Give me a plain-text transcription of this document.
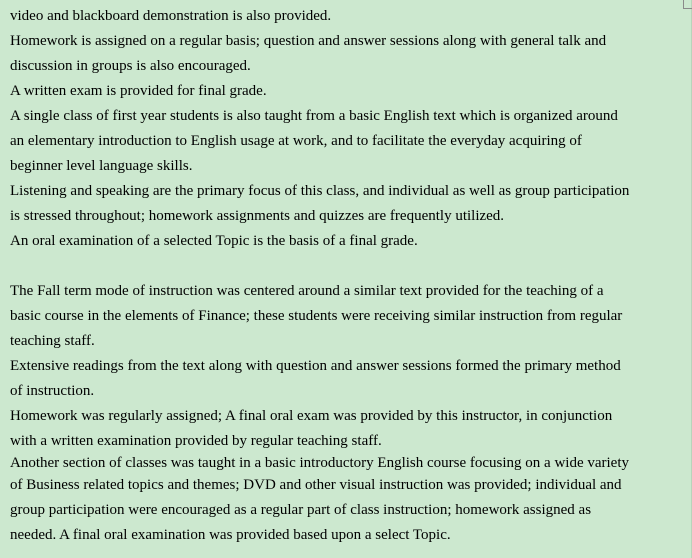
video and blackboard demonstration is also provided.
Homework is assigned on a regular basis; question and answer sessions along with general talk and
discussion in groups is also encouraged.
A written exam is provided for final grade.
A single class of first year students is also taught from a basic English text which is organized around
an elementary introduction to English usage at work, and to facilitate the everyday acquiring of
beginner level language skills.
Listening and speaking are the primary focus of this class, and individual as well as group participation
is stressed throughout; homework assignments and quizzes are frequently utilized.
An oral examination of a selected Topic is the basis of a final grade.
The Fall term mode of instruction was centered around a similar text provided for the teaching of a
basic course in the elements of Finance; these students were receiving similar instruction from regular
teaching staff.
Extensive readings from the text along with question and answer sessions formed the primary method
of instruction.
Homework was regularly assigned; A final oral exam was provided by this instructor, in conjunction
with a written examination provided by regular teaching staff.
Another section of classes was taught in a basic introductory English course focusing on a wide variety
of Business related topics and themes; DVD and other visual instruction was provided; individual and
group participation were encouraged as a regular part of class instruction; homework assigned as
needed. A final oral examination was provided based upon a select Topic.
